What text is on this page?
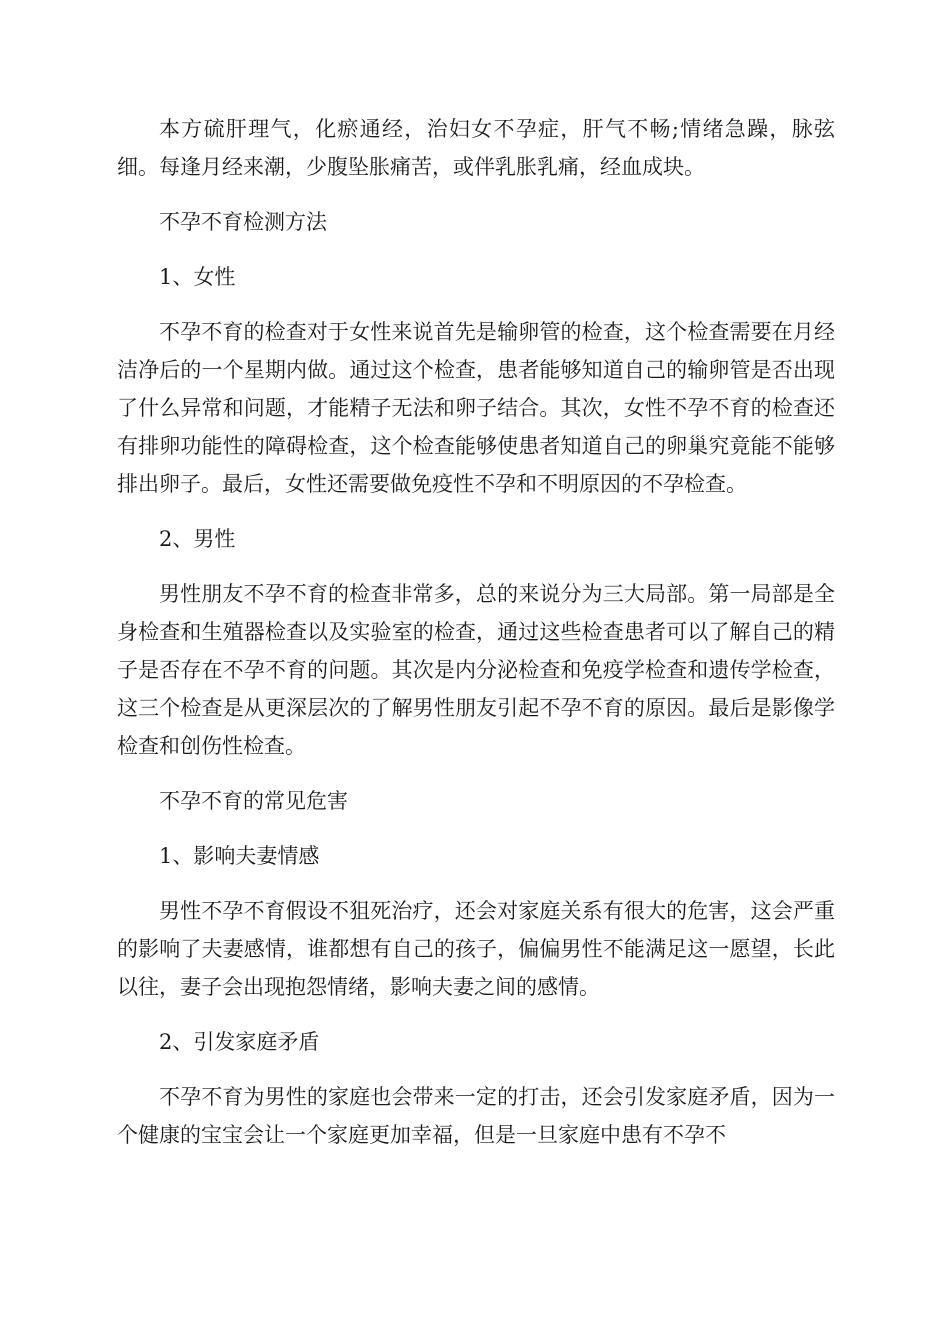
本方硫肝理气，化瘀通经，治妇女不孕症，肝气不畅;情绪急躁，脉弦细。每逢月经来潮，少腹坠胀痛苦，或伴乳胀乳痛，经血成块。

不孕不育检测方法

1、女性

不孕不育的检查对于女性来说首先是输卵管的检查，这个检查需要在月经洁净后的一个星期内做。通过这个检查，患者能够知道自己的输卵管是否出现了什么异常和问题，才能精子无法和卵子结合。其次，女性不孕不育的检查还有排卵功能性的障碍检查，这个检查能够使患者知道自己的卵巢究竟能不能够排出卵子。最后，女性还需要做免疫性不孕和不明原因的不孕检查。

2、男性

男性朋友不孕不育的检查非常多，总的来说分为三大局部。第一局部是全身检查和生殖器检查以及实验室的检查，通过这些检查患者可以了解自己的精子是否存在不孕不育的问题。其次是内分泌检查和免疫学检查和遗传学检查，这三个检查是从更深层次的了解男性朋友引起不孕不育的原因。最后是影像学检查和创伤性检查。

不孕不育的常见危害

1、影响夫妻情感

男性不孕不育假设不狙死治疗，还会对家庭关系有很大的危害，这会严重的影响了夫妻感情，谁都想有自己的孩子，偏偏男性不能满足这一愿望，长此以往，妻子会出现抱怨情绪，影响夫妻之间的感情。

2、引发家庭矛盾

不孕不育为男性的家庭也会带来一定的打击，还会引发家庭矛盾，因为一个健康的宝宝会让一个家庭更加幸福，但是一旦家庭中患有不孕不
